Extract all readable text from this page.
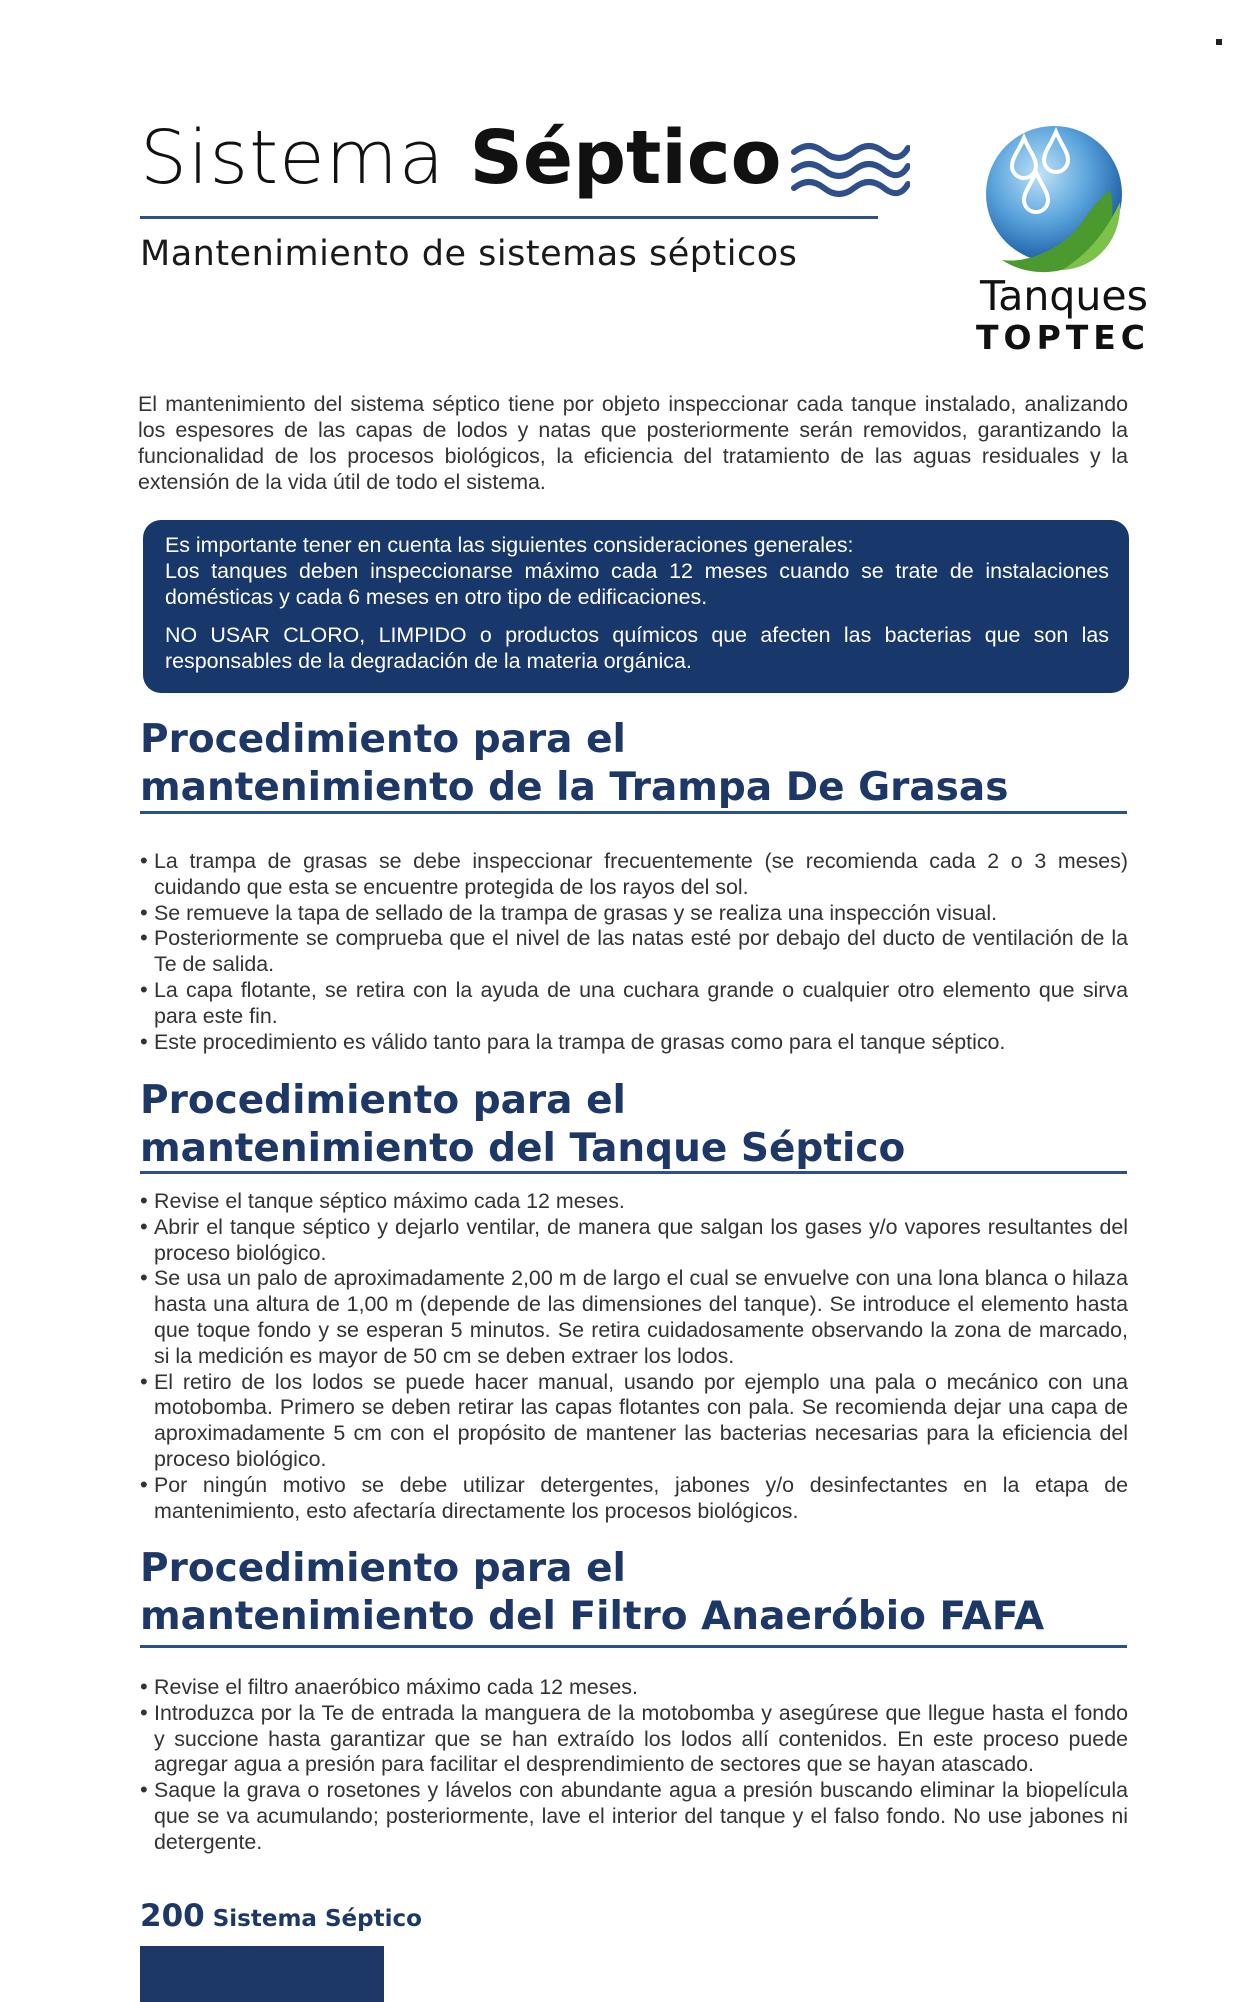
Sistema Séptico
Mantenimiento de sistemas sépticos
Tanques
TOPTEC

El mantenimiento del sistema séptico tiene por objeto inspeccionar cada tanque instalado, analizando los espesores de las capas de lodos y natas que posteriormente serán removidos, garantizando la funcionalidad de los procesos biológicos, la eficiencia del tratamiento de las aguas residuales y la extensión de la vida útil de todo el sistema.

Es importante tener en cuenta las siguientes consideraciones generales:

Los tanques deben inspeccionarse máximo cada 12 meses cuando se trate de instalaciones domésticas y cada 6 meses en otro tipo de edificaciones.

NO USAR CLORO, LIMPIDO o productos químicos que afecten las bacterias que son las responsables de la degradación de la materia orgánica.

Procedimiento para el
mantenimiento de la Trampa De Grasas
• La trampa de grasas se debe inspeccionar frecuentemente (se recomienda cada 2 o 3 meses) cuidando que esta se encuentre protegida de los rayos del sol.
• Se remueve la tapa de sellado de la trampa de grasas y se realiza una inspección visual.
• Posteriormente se comprueba que el nivel de las natas esté por debajo del ducto de ventilación de la Te de salida.
• La capa flotante, se retira con la ayuda de una cuchara grande o cualquier otro elemento que sirva para este fin.
• Este procedimiento es válido tanto para la trampa de grasas como para el tanque séptico.
Procedimiento para el
mantenimiento del Tanque Séptico
• Revise el tanque séptico máximo cada 12 meses.
• Abrir el tanque séptico y dejarlo ventilar, de manera que salgan los gases y/o vapores resultantes del proceso biológico.
• Se usa un palo de aproximadamente 2,00 m de largo el cual se envuelve con una lona blanca o hilaza hasta una altura de 1,00 m (depende de las dimensiones del tanque). Se introduce el elemento hasta que toque fondo y se esperan 5 minutos. Se retira cuidadosamente observando la zona de marcado, si la medición es mayor de 50 cm se deben extraer los lodos.
• El retiro de los lodos se puede hacer manual, usando por ejemplo una pala o mecánico con una motobomba. Primero se deben retirar las capas flotantes con pala. Se recomienda dejar una capa de aproximadamente 5 cm con el propósito de mantener las bacterias necesarias para la eficiencia del proceso biológico.
• Por ningún motivo se debe utilizar detergentes, jabones y/o desinfectantes en la etapa de mantenimiento, esto afectaría directamente los procesos biológicos.
Procedimiento para el
mantenimiento del Filtro Anaeróbio FAFA
• Revise el filtro anaeróbico máximo cada 12 meses.
• Introduzca por la Te de entrada la manguera de la motobomba y asegúrese que llegue hasta el fondo y succione hasta garantizar que se han extraído los lodos allí contenidos. En este proceso puede agregar agua a presión para facilitar el desprendimiento de sectores que se hayan atascado.
• Saque la grava o rosetones y lávelos con abundante agua a presión buscando eliminar la biopelícula que se va acumulando; posteriormente, lave el interior del tanque y el falso fondo. No use jabones ni detergente.
200 Sistema Séptico
